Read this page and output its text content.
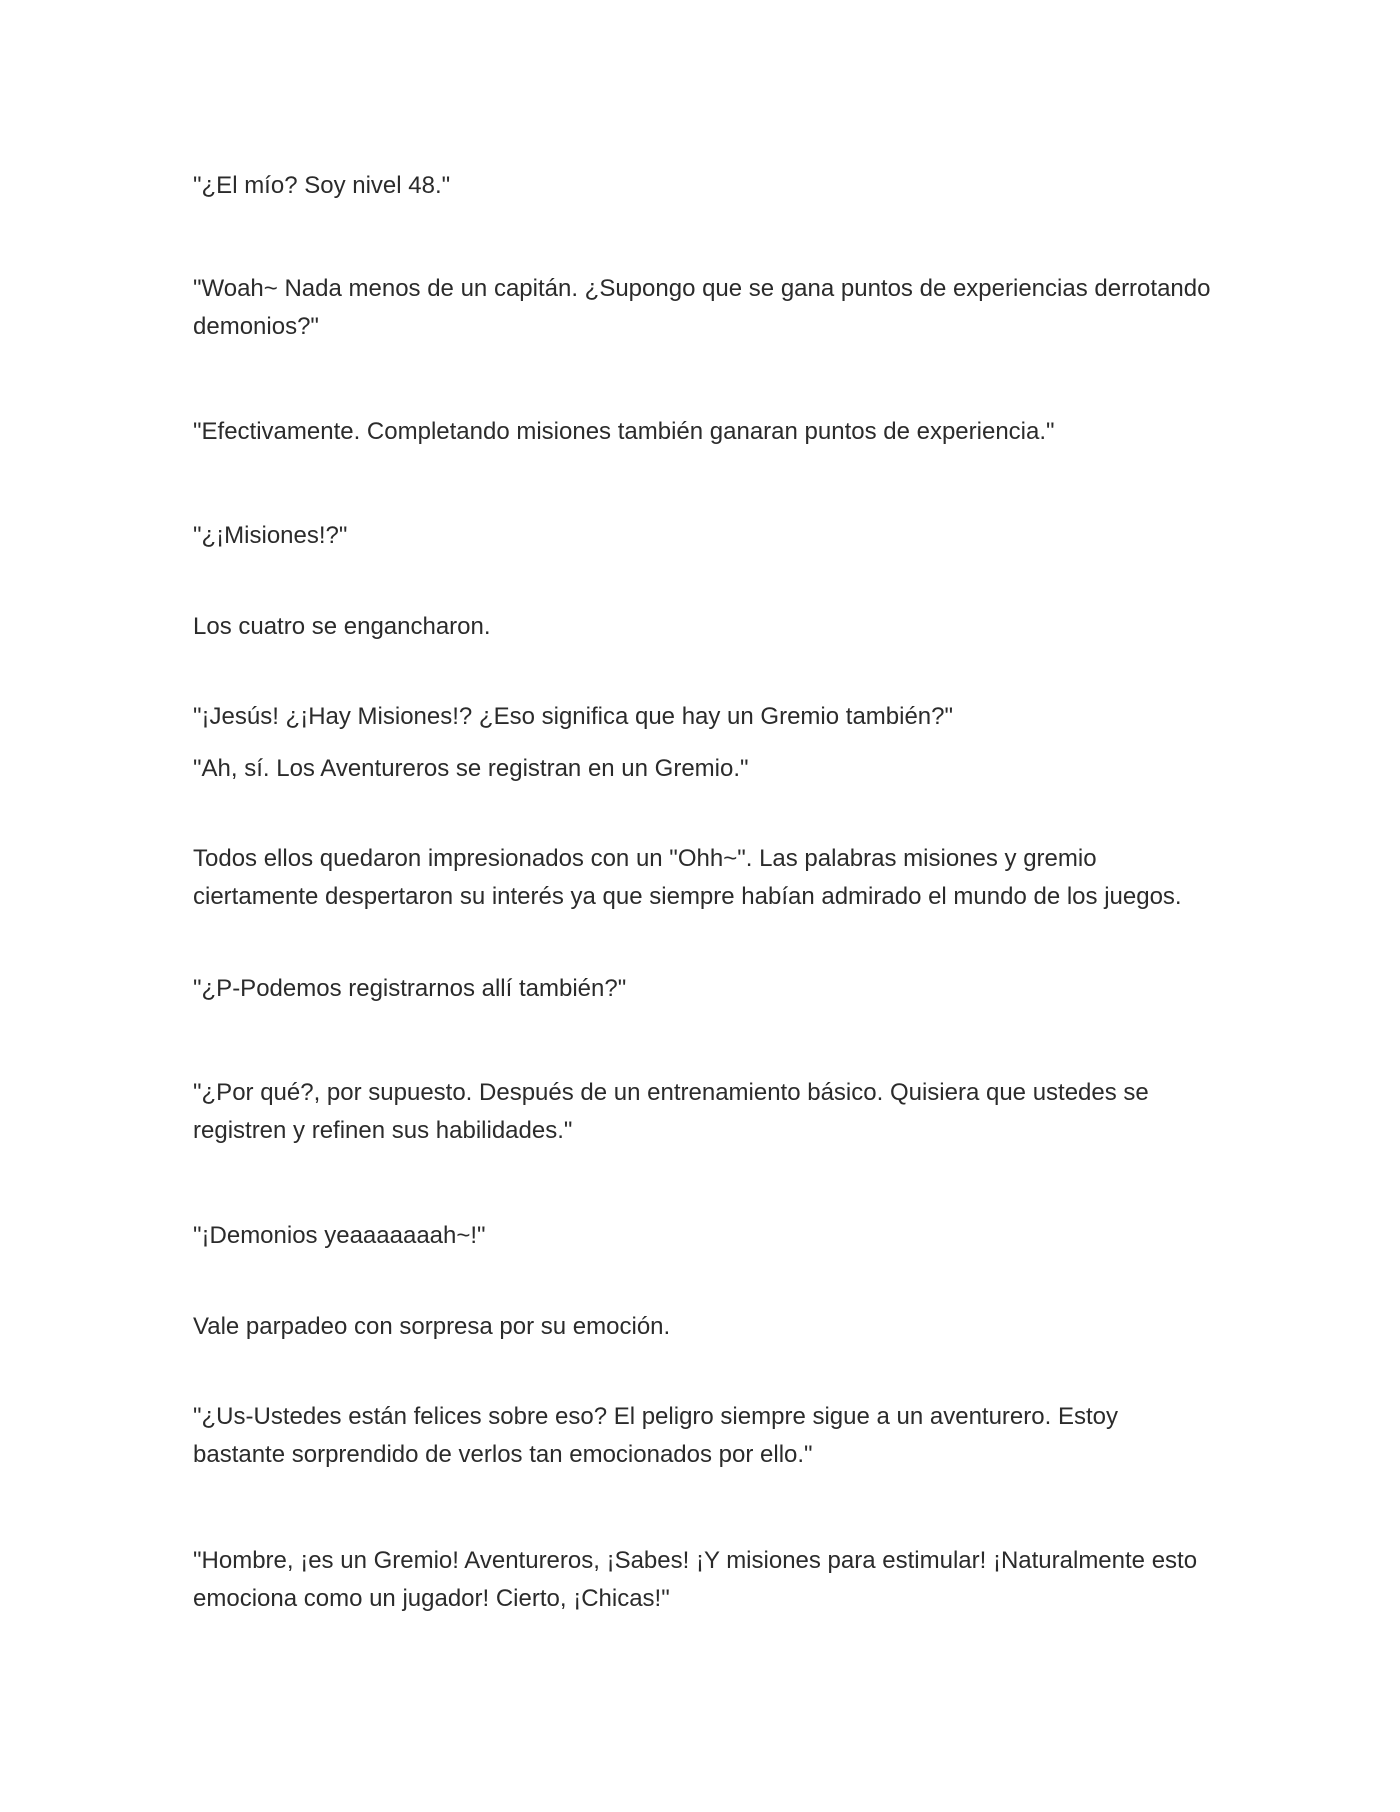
"¿El mío? Soy nivel 48."

"Woah~ Nada menos de un capitán. ¿Supongo que se gana puntos de experiencias derrotando demonios?"

"Efectivamente. Completando misiones también ganaran puntos de experiencia."

"¿¡Misiones!?"

Los cuatro se engancharon.

"¡Jesús! ¿¡Hay Misiones!? ¿Eso significa que hay un Gremio también?"

"Ah, sí. Los Aventureros se registran en un Gremio."

Todos ellos quedaron impresionados con un "Ohh~". Las palabras misiones y gremio ciertamente despertaron su interés ya que siempre habían admirado el mundo de los juegos.

"¿P-Podemos registrarnos allí también?"

"¿Por qué?, por supuesto. Después de un entrenamiento básico. Quisiera que ustedes se registren y refinen sus habilidades."

"¡Demonios yeaaaaaaah~!"

Vale parpadeo con sorpresa por su emoción.

"¿Us-Ustedes están felices sobre eso? El peligro siempre sigue a un aventurero. Estoy bastante sorprendido de verlos tan emocionados por ello."

"Hombre, ¡es un Gremio! Aventureros, ¡Sabes! ¡Y misiones para estimular! ¡Naturalmente esto emociona como un jugador! Cierto, ¡Chicas!"
